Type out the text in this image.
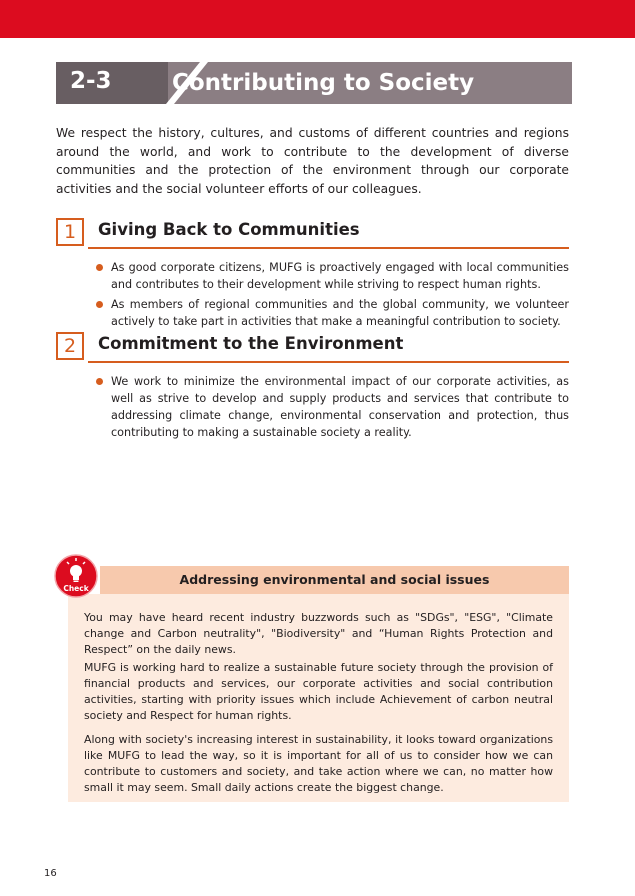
2-3	Contributing to Society

We respect the history, cultures, and customs of different countries and regions around the world, and work to contribute to the development of diverse communities and the protection of the environment through our corporate activities and the social volunteer efforts of our colleagues.

1	Giving Back to Communities
As good corporate citizens, MUFG is proactively engaged with local communities and contributes to their development while striving to respect human rights.
As members of regional communities and the global community, we volunteer actively to take part in activities that make a meaningful contribution to society.
2	Commitment to the Environment
We work to minimize the environmental impact of our corporate activities, as well as strive to develop and supply products and services that contribute to addressing climate change, environmental conservation and protection, thus contributing to making a sustainable society a reality.
Addressing environmental and social issues

You may have heard recent industry buzzwords such as "SDGs", "ESG", "Climate change and Carbon neutrality", "Biodiversity" and “Human Rights Protection and Respect” on the daily news.

MUFG is working hard to realize a sustainable future society through the provision of financial products and services, our corporate activities and social contribution activities, starting with priority issues which include Achievement of carbon neutral society and Respect for human rights.

Along with society's increasing interest in sustainability, it looks toward organizations like MUFG to lead the way, so it is important for all of us to consider how we can contribute to customers and society, and take action where we can, no matter how small it may seem. Small daily actions create the biggest change.

Check
16
